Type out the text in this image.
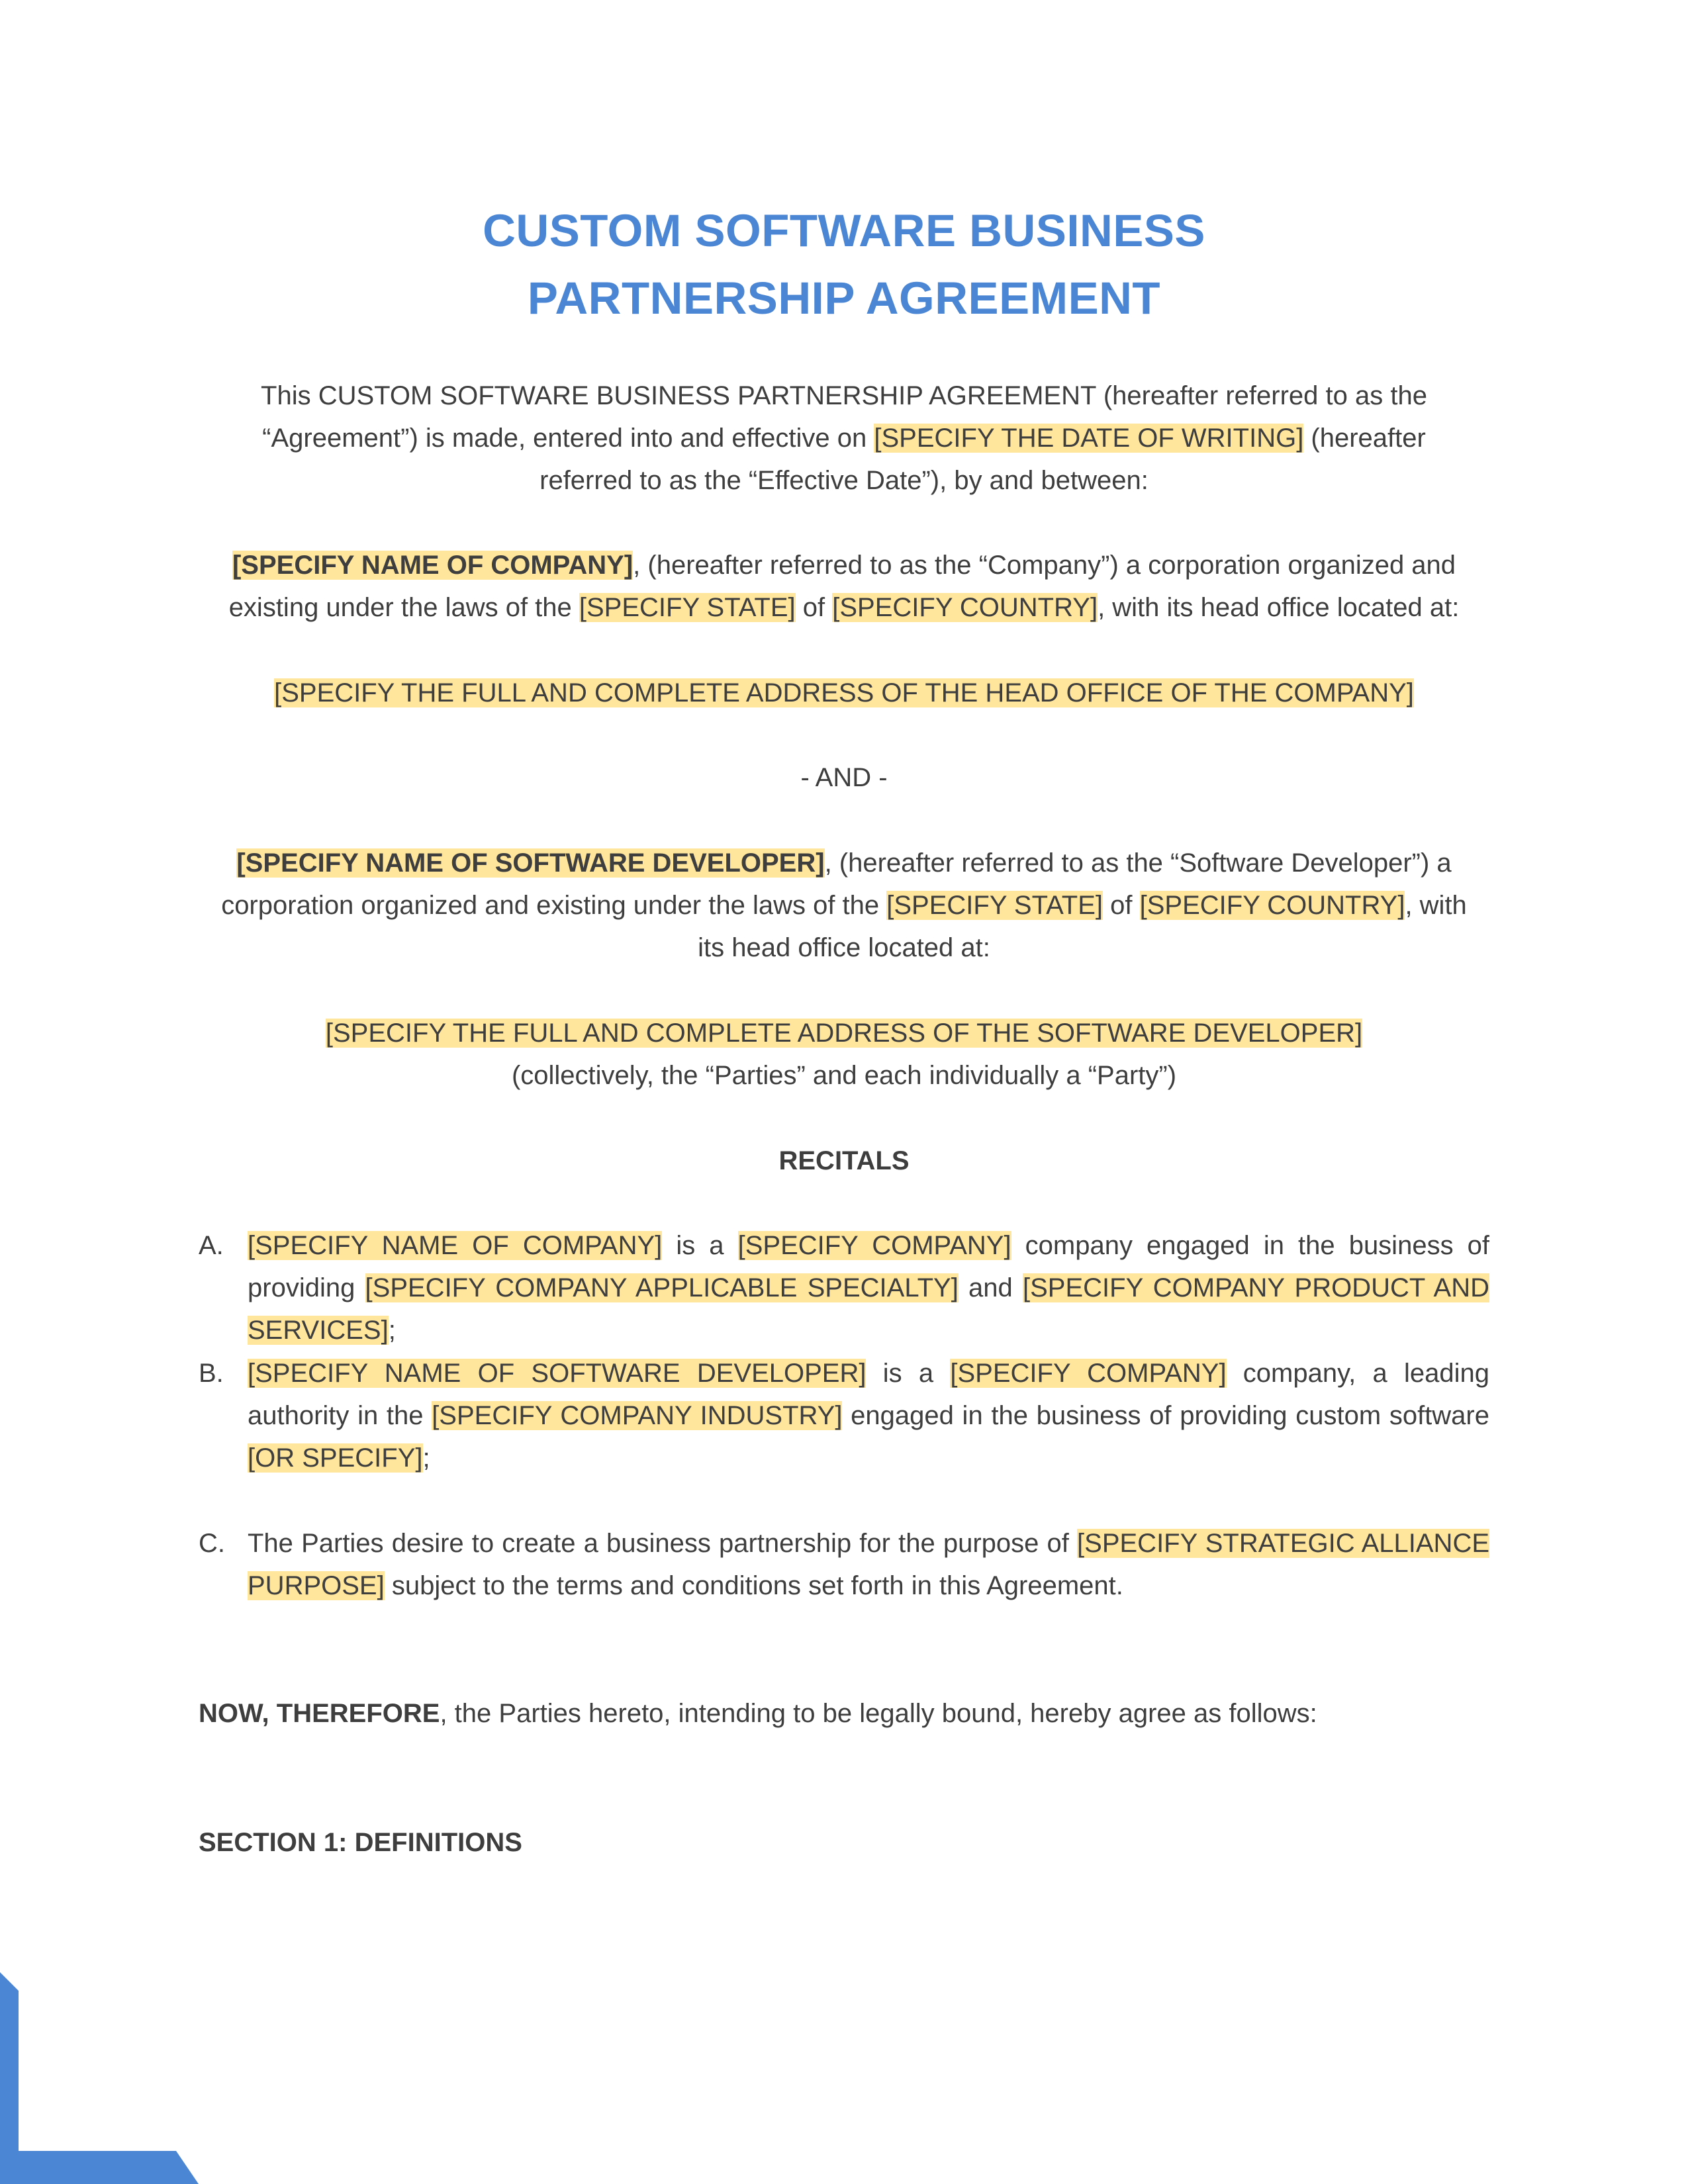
CUSTOM SOFTWARE BUSINESS
PARTNERSHIP AGREEMENT
This CUSTOM SOFTWARE BUSINESS PARTNERSHIP AGREEMENT (hereafter referred to as the
“Agreement”) is made, entered into and effective on [SPECIFY THE DATE OF WRITING] (hereafter
referred to as the “Effective Date”), by and between:
[SPECIFY NAME OF COMPANY], (hereafter referred to as the “Company”) a corporation organized and
existing under the laws of the [SPECIFY STATE] of [SPECIFY COUNTRY], with its head office located at:
[SPECIFY THE FULL AND COMPLETE ADDRESS OF THE HEAD OFFICE OF THE COMPANY]
- AND -
[SPECIFY NAME OF SOFTWARE DEVELOPER], (hereafter referred to as the “Software Developer”) a
corporation organized and existing under the laws of the [SPECIFY STATE] of [SPECIFY COUNTRY], with
its head office located at:
[SPECIFY THE FULL AND COMPLETE ADDRESS OF THE SOFTWARE DEVELOPER]
(collectively, the “Parties” and each individually a “Party”)
RECITALS
A. [SPECIFY NAME OF COMPANY] is a [SPECIFY COMPANY] company engaged in the business of providing [SPECIFY COMPANY APPLICABLE SPECIALTY] and [SPECIFY COMPANY PRODUCT AND SERVICES];
B. [SPECIFY NAME OF SOFTWARE DEVELOPER] is a [SPECIFY COMPANY] company, a leading authority in the [SPECIFY COMPANY INDUSTRY] engaged in the business of providing custom software [OR SPECIFY];
C. The Parties desire to create a business partnership for the purpose of [SPECIFY STRATEGIC ALLIANCE PURPOSE] subject to the terms and conditions set forth in this Agreement.
NOW, THEREFORE, the Parties hereto, intending to be legally bound, hereby agree as follows:
SECTION 1: DEFINITIONS
